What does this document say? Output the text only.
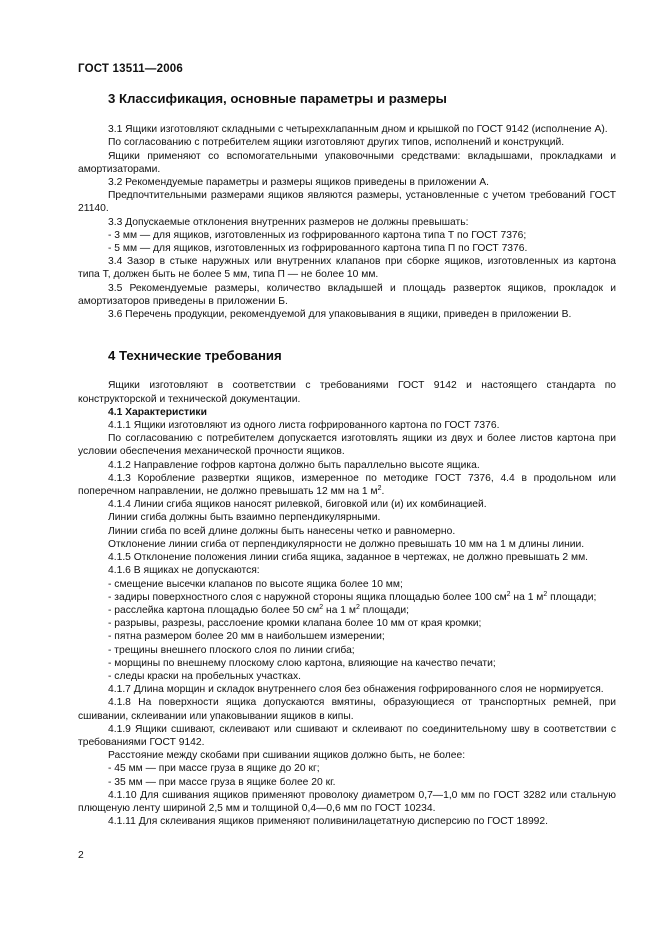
ГОСТ 13511—2006
3 Классификация, основные параметры и размеры

3.1 Ящики изготовляют складными с четырехклапанным дном и крышкой по ГОСТ 9142 (исполнение А).

По согласованию с потребителем ящики изготовляют других типов, исполнений и конструкций.

Ящики применяют со вспомогательными упаковочными средствами: вкладышами, прокладками и амортизаторами.

3.2 Рекомендуемые параметры и размеры ящиков приведены в приложении А.

Предпочтительными размерами ящиков являются размеры, установленные с учетом требований ГОСТ 21140.

3.3 Допускаемые отклонения внутренних размеров не должны превышать:

- 3 мм — для ящиков, изготовленных из гофрированного картона типа Т по ГОСТ 7376;

- 5 мм — для ящиков, изготовленных из гофрированного картона типа П по ГОСТ 7376.

3.4 Зазор в стыке наружных или внутренних клапанов при сборке ящиков, изготовленных из картона типа Т, должен быть не более 5 мм, типа П — не более 10 мм.

3.5 Рекомендуемые размеры, количество вкладышей и площадь разверток ящиков, прокладок и амортизаторов приведены в приложении Б.

3.6 Перечень продукции, рекомендуемой для упаковывания в ящики, приведен в приложении В.

4 Технические требования

Ящики изготовляют в соответствии с требованиями ГОСТ 9142 и настоящего стандарта по конструкторской и технической документации.

4.1 Характеристики

4.1.1 Ящики изготовляют из одного листа гофрированного картона по ГОСТ 7376.

По согласованию с потребителем допускается изготовлять ящики из двух и более листов картона при условии обеспечения механической прочности ящиков.

4.1.2 Направление гофров картона должно быть параллельно высоте ящика.

4.1.3 Коробление развертки ящиков, измеренное по методике ГОСТ 7376, 4.4 в продольном или поперечном направлении, не должно превышать 12 мм на 1 $м^2$.

4.1.4 Линии сгиба ящиков наносят рилевкой, биговкой или (и) их комбинацией.

Линии сгиба должны быть взаимно перпендикулярными.

Линии сгиба по всей длине должны быть нанесены четко и равномерно.

Отклонение линии сгиба от перпендикулярности не должно превышать 10 мм на 1 м длины линии.

4.1.5 Отклонение положения линии сгиба ящика, заданное в чертежах, не должно превышать 2 мм.

4.1.6 В ящиках не допускаются:

- смещение высечки клапанов по высоте ящика более 10 мм;

- задиры поверхностного слоя с наружной стороны ящика площадью более 100 $см^2$ на 1 $м^2$ площади;

- расслейка картона площадью более 50 $см^2$ на 1 $м^2$ площади;

- разрывы, разрезы, расслоение кромки клапана более 10 мм от края кромки;

- пятна размером более 20 мм в наибольшем измерении;

- трещины внешнего плоского слоя по линии сгиба;

- морщины по внешнему плоскому слою картона, влияющие на качество печати;

- следы краски на пробельных участках.

4.1.7 Длина морщин и складок внутреннего слоя без обнажения гофрированного слоя не нормируется.

4.1.8 На поверхности ящика допускаются вмятины, образующиеся от транспортных ремней, при сшивании, склеивании или упаковывании ящиков в кипы.

4.1.9 Ящики сшивают, склеивают или сшивают и склеивают по соединительному шву в соответствии с требованиями ГОСТ 9142.

Расстояние между скобами при сшивании ящиков должно быть, не более:

- 45 мм — при массе груза в ящике до 20 кг;

- 35 мм — при массе груза в ящике более 20 кг.

4.1.10 Для сшивания ящиков применяют проволоку диаметром 0,7—1,0 мм по ГОСТ 3282 или стальную плющеную ленту шириной 2,5 мм и толщиной 0,4—0,6 мм по ГОСТ 10234.

4.1.11 Для склеивания ящиков применяют поливинилацетатную дисперсию по ГОСТ 18992.

2
